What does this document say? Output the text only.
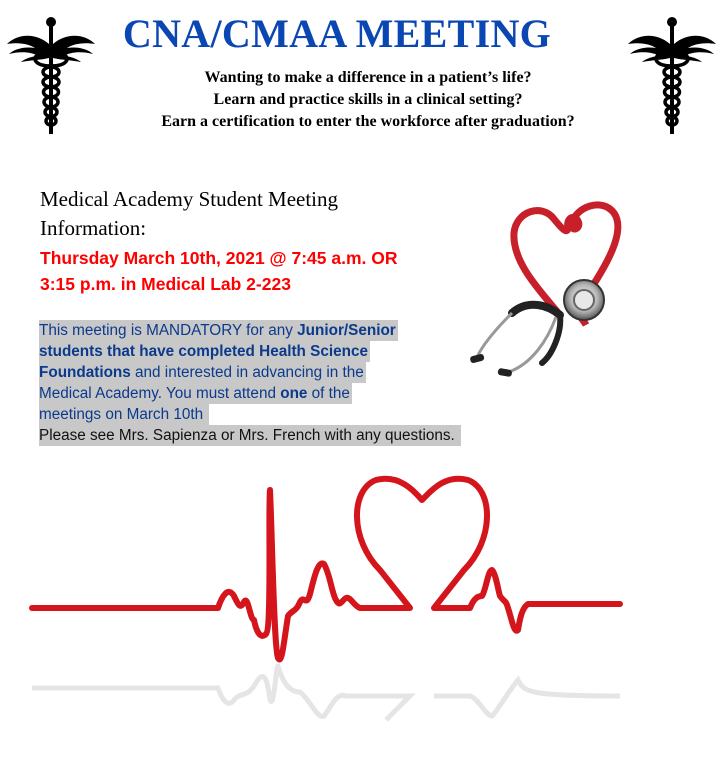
CNA/CMAA MEETING
Wanting to make a difference in a patient’s life?
Learn and practice skills in a clinical setting?
Earn a certification to enter the workforce after graduation?
Medical Academy Student Meeting
Information:
Thursday March 10th, 2021 @ 7:45 a.m. OR
3:15 p.m. in Medical Lab 2-223
This meeting is MANDATORY for any Junior/Senior
students that have completed Health Science
Foundations and interested in advancing in the
Medical Academy. You must attend one of the
meetings on March 10th
Please see Mrs. Sapienza or Mrs. French with any questions.
